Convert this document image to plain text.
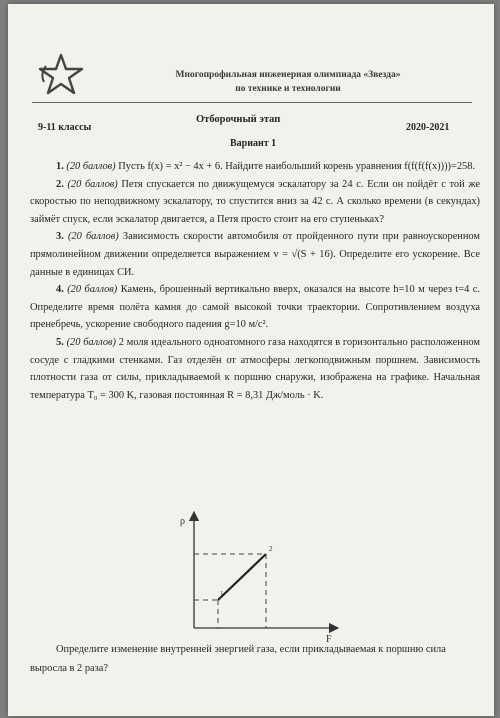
Многопрофильная инженерная олимпиада «Звезда»
по технике и технологии
Отборочный этап
9-11 классы	2020-2021
Вариант 1

1. (20 баллов) Пусть f(x) = x² − 4x + 6. Найдите наибольший корень уравнения f(f(f(f(x))))=258.

2. (20 баллов) Петя спускается по движущемуся эскалатору за 24 с. Если он пойдёт с той же скоростью по неподвижному эскалатору, то спустится вниз за 42 с. А сколько времени (в секундах) займёт спуск, если эскалатор двигается, а Петя просто стоит на его ступеньках?

3. (20 баллов) Зависимость скорости автомобиля от пройденного пути при равноускоренном прямолинейном движении определяется выражением v = √(S + 16). Определите его ускорение. Все данные в единицах СИ.

4. (20 баллов) Камень, брошенный вертикально вверх, оказался на высоте h=10 м через t=4 с. Определите время полёта камня до самой высокой точки траектории. Сопротивлением воздуха пренебречь, ускорение свободного падения g=10 м/с².

5. (20 баллов) 2 моля идеального одноатомного газа находятся в горизонтально расположенном сосуде с гладкими стенками. Газ отделён от атмосферы легкоподвижным поршнем. Зависимость плотности газа от силы, прикладываемой к поршню снаружи, изображена на графике. Начальная температура T₀ = 300 K, газовая постоянная R = 8,31 Дж/моль · K.

ρ
F
1
2

Определите изменение внутренней энергией газа, если прикладываемая к поршню сила выросла в 2 раза?
